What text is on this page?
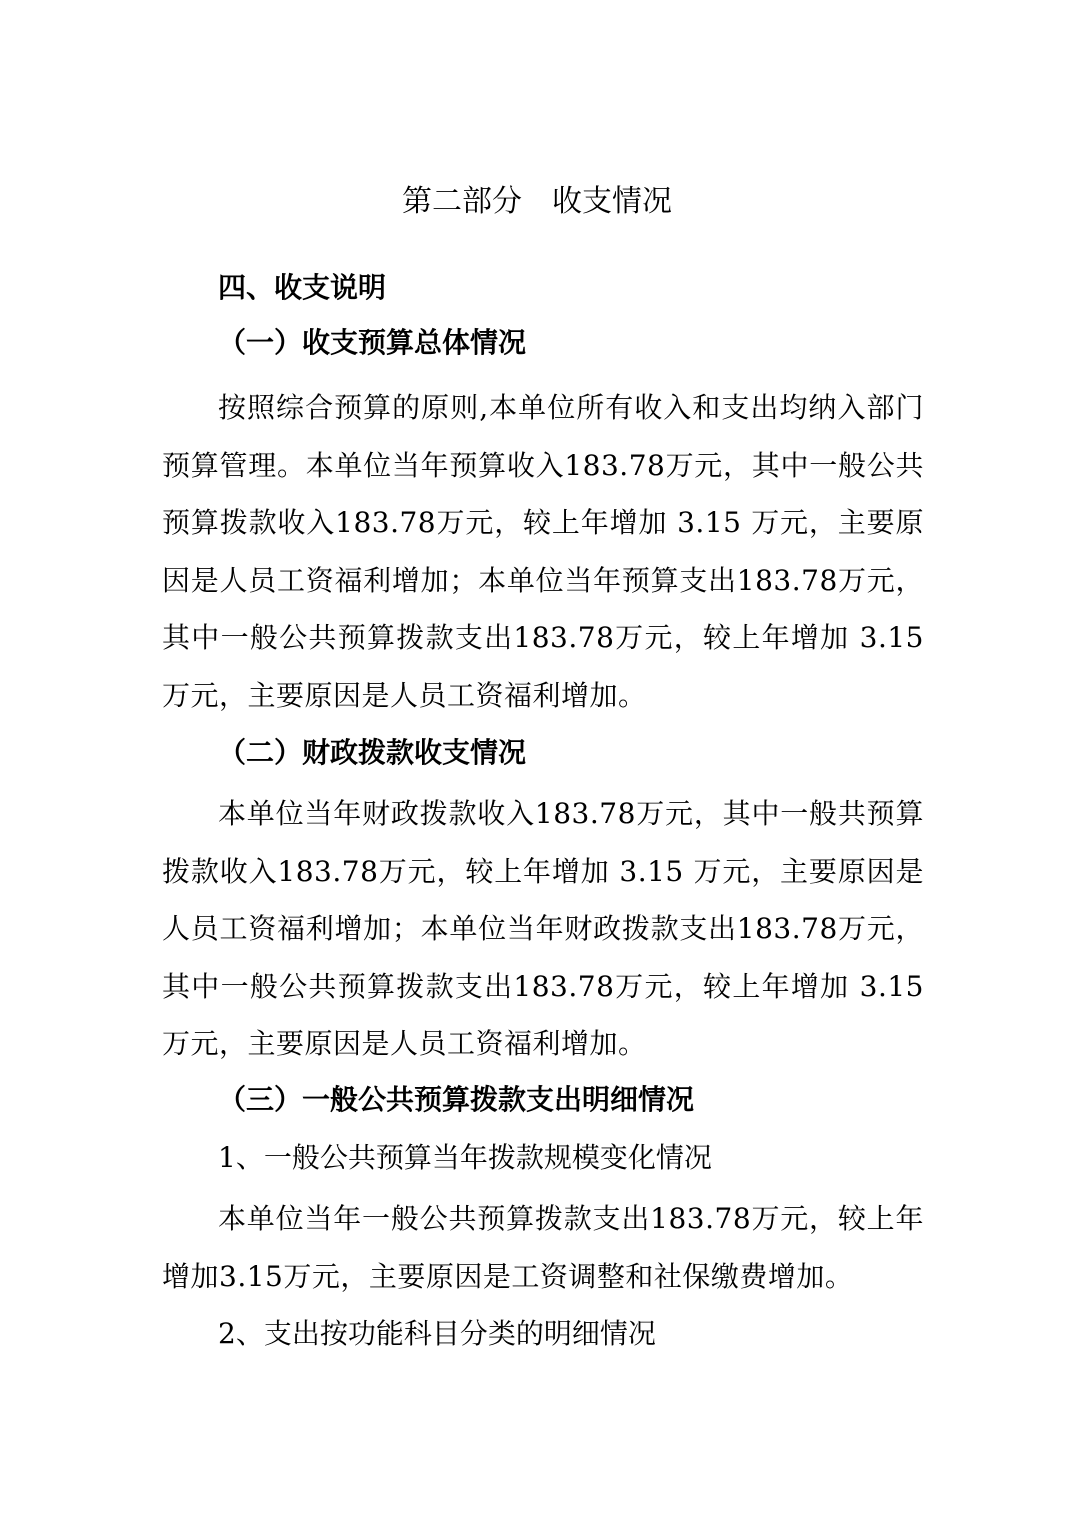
第二部分　收支情况
四、收支说明
（一）收支预算总体情况
按照综合预算的原则,本单位所有收入和支出均纳入部门预算管理。本单位当年预算收入183.78万元，其中一般公共预算拨款收入183.78万元，较上年增加 3.15 万元，主要原因是人员工资福利增加；本单位当年预算支出183.78万元，其中一般公共预算拨款支出183.78万元，较上年增加 3.15万元，主要原因是人员工资福利增加。
（二）财政拨款收支情况
本单位当年财政拨款收入183.78万元，其中一般共预算拨款收入183.78万元，较上年增加 3.15 万元，主要原因是人员工资福利增加；本单位当年财政拨款支出183.78万元，其中一般公共预算拨款支出183.78万元，较上年增加 3.15万元，主要原因是人员工资福利增加。
（三）一般公共预算拨款支出明细情况
1、一般公共预算当年拨款规模变化情况
本单位当年一般公共预算拨款支出183.78万元，较上年增加3.15万元，主要原因是工资调整和社保缴费增加。
2、支出按功能科目分类的明细情况
